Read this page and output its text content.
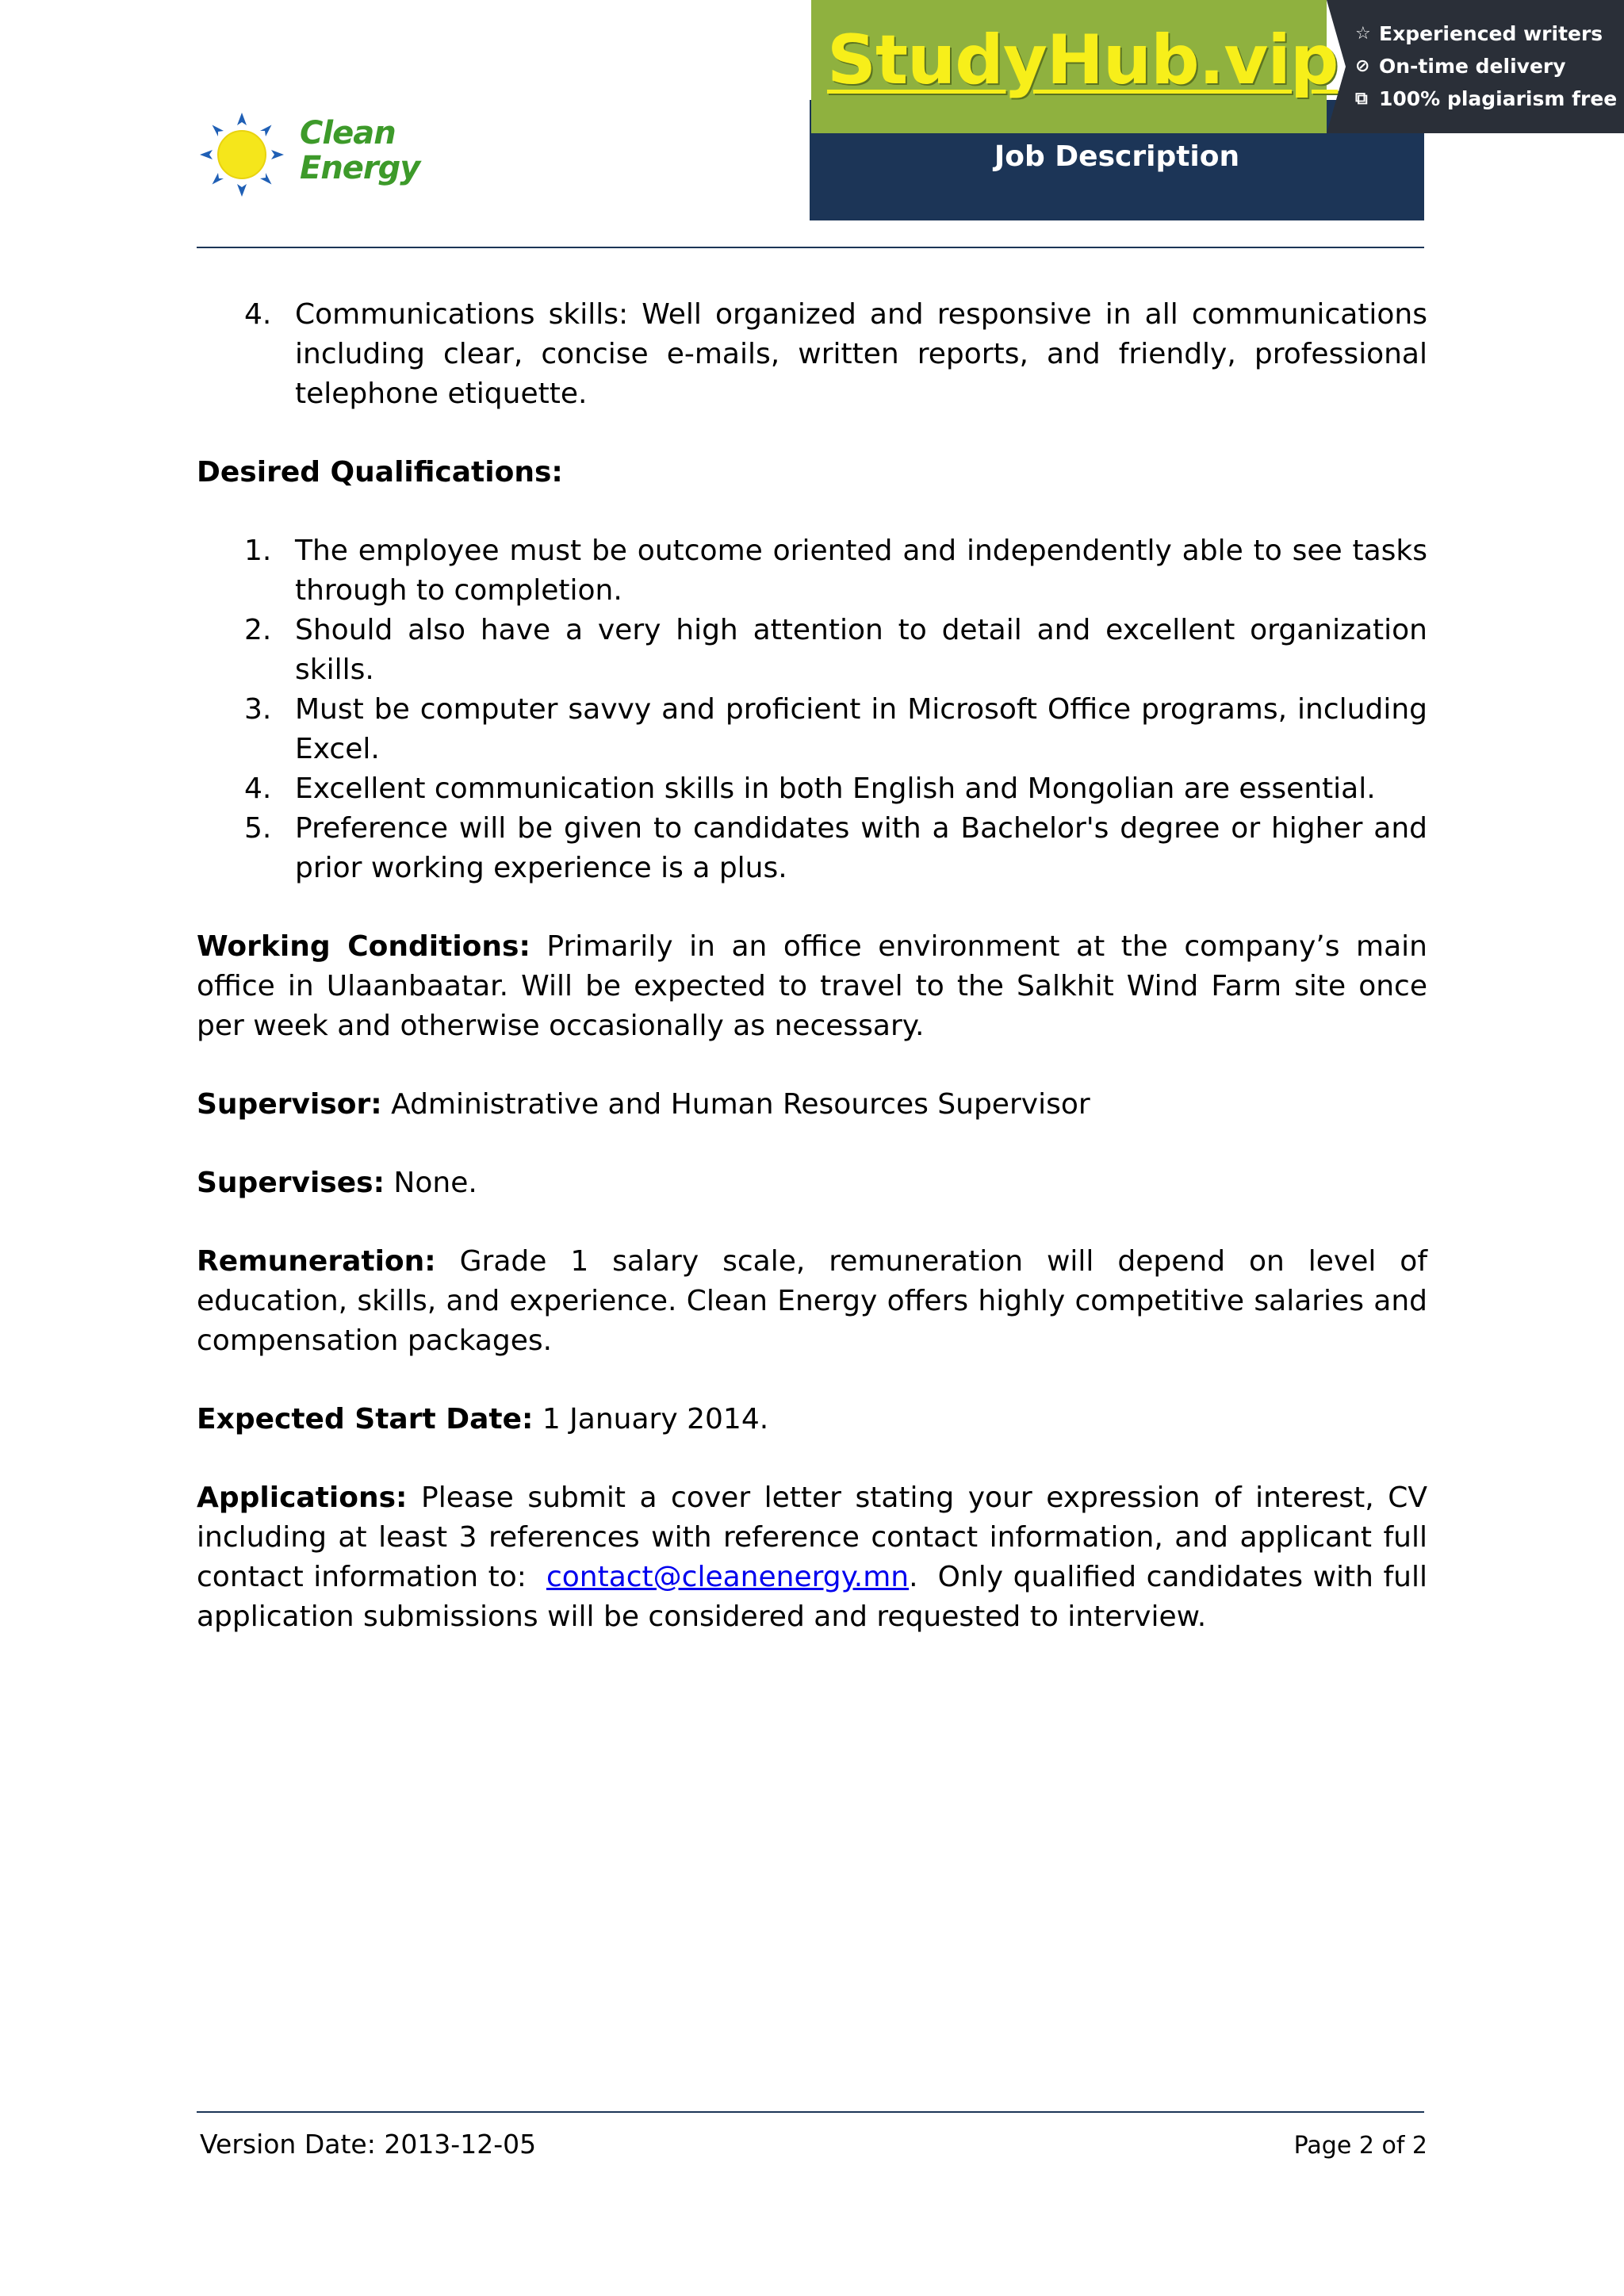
Clean
Energy	Job Description
StudyHub.vip ☆ Experienced writers
⊘ On-time delivery
⧉ 100% plagiarism free
4. Communications skills: Well organized and responsive in all communications including clear, concise e-mails, written reports, and friendly, professional telephone etiquette.

Desired Qualifications:

1. The employee must be outcome oriented and independently able to see tasks through to completion.
2. Should also have a very high attention to detail and excellent organization skills.
3. Must be computer savvy and proficient in Microsoft Office programs, including Excel.
4. Excellent communication skills in both English and Mongolian are essential.
5. Preference will be given to candidates with a Bachelor's degree or higher and prior working experience is a plus.

Working Conditions: Primarily in an office environment at the company’s main office in Ulaanbaatar. Will be expected to travel to the Salkhit Wind Farm site once per week and otherwise occasionally as necessary.

Supervisor: Administrative and Human Resources Supervisor

Supervises: None.

Remuneration: Grade 1 salary scale, remuneration will depend on level of education, skills, and experience. Clean Energy offers highly competitive salaries and compensation packages.

Expected Start Date: 1 January 2014.

Applications: Please submit a cover letter stating your expression of interest, CV including at least 3 references with reference contact information, and applicant full contact information to:  contact@cleanenergy.mn.  Only qualified candidates with full application submissions will be considered and requested to interview.

Version Date: 2013-12-05	Page 2 of 2
